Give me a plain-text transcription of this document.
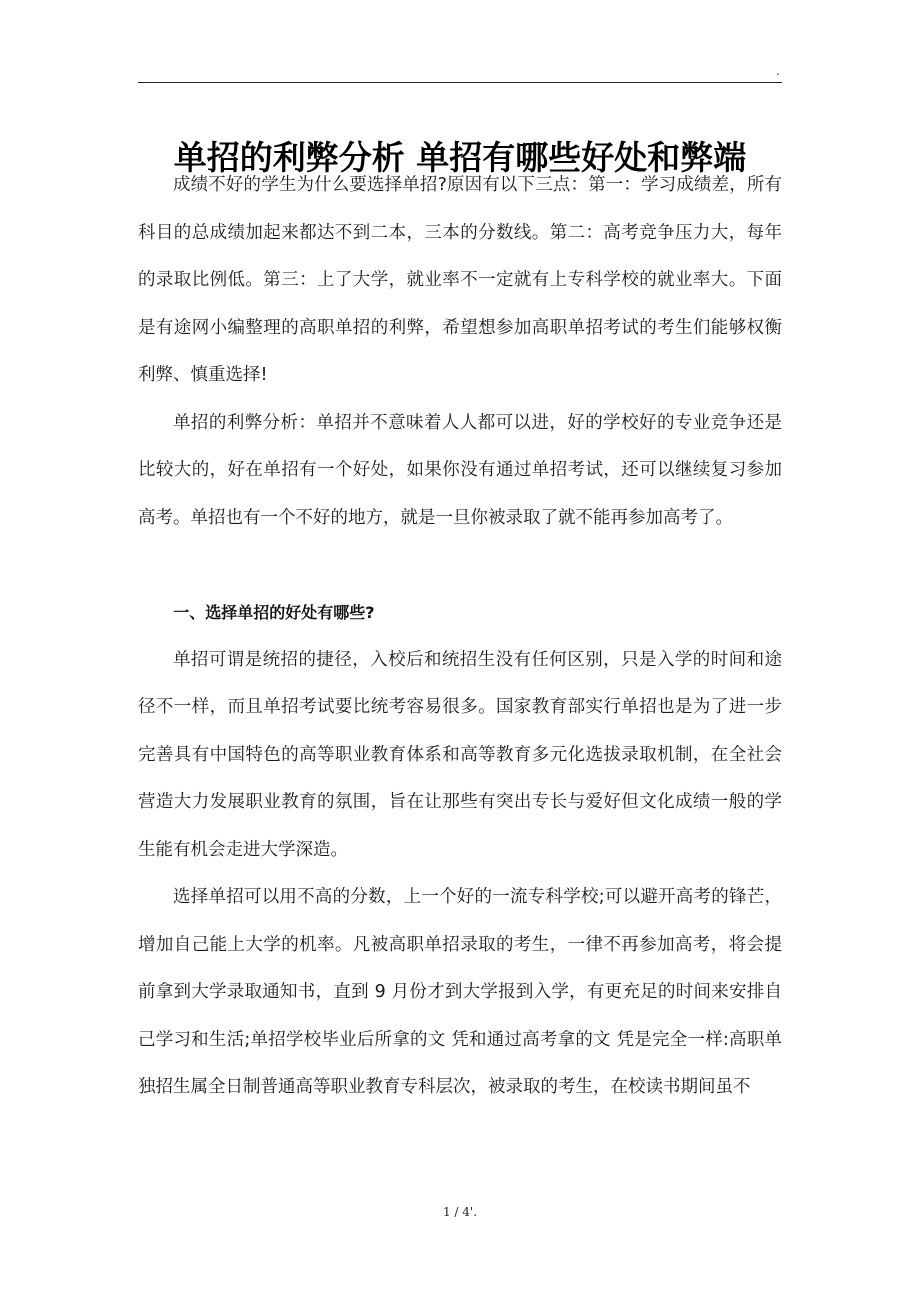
.
单招的利弊分析 单招有哪些好处和弊端

成绩不好的学生为什么要选择单招?原因有以下三点：第一：学习成绩差，所有科目的总成绩加起来都达不到二本，三本的分数线。第二：高考竞争压力大，每年的录取比例低。第三：上了大学，就业率不一定就有上专科学校的就业率大。下面是有途网小编整理的高职单招的利弊，希望想参加高职单招考试的考生们能够权衡利弊、慎重选择!

单招的利弊分析：单招并不意味着人人都可以进，好的学校好的专业竞争还是比较大的，好在单招有一个好处，如果你没有通过单招考试，还可以继续复习参加高考。单招也有一个不好的地方，就是一旦你被录取了就不能再参加高考了。

一、选择单招的好处有哪些?

单招可谓是统招的捷径，入校后和统招生没有任何区别，只是入学的时间和途径不一样，而且单招考试要比统考容易很多。国家教育部实行单招也是为了进一步完善具有中国特色的高等职业教育体系和高等教育多元化选拔录取机制，在全社会营造大力发展职业教育的氛围，旨在让那些有突出专长与爱好但文化成绩一般的学生能有机会走进大学深造。

选择单招可以用不高的分数，上一个好的一流专科学校;可以避开高考的锋芒，增加自己能上大学的机率。凡被高职单招录取的考生，一律不再参加高考，将会提前拿到大学录取通知书，直到 9 月份才到大学报到入学，有更充足的时间来安排自己学习和生活;单招学校毕业后所拿的文 凭和通过高考拿的文 凭是完全一样:高职单独招生属全日制普通高等职业教育专科层次，被录取的考生，在校读书期间虽不

1 / 4'.
